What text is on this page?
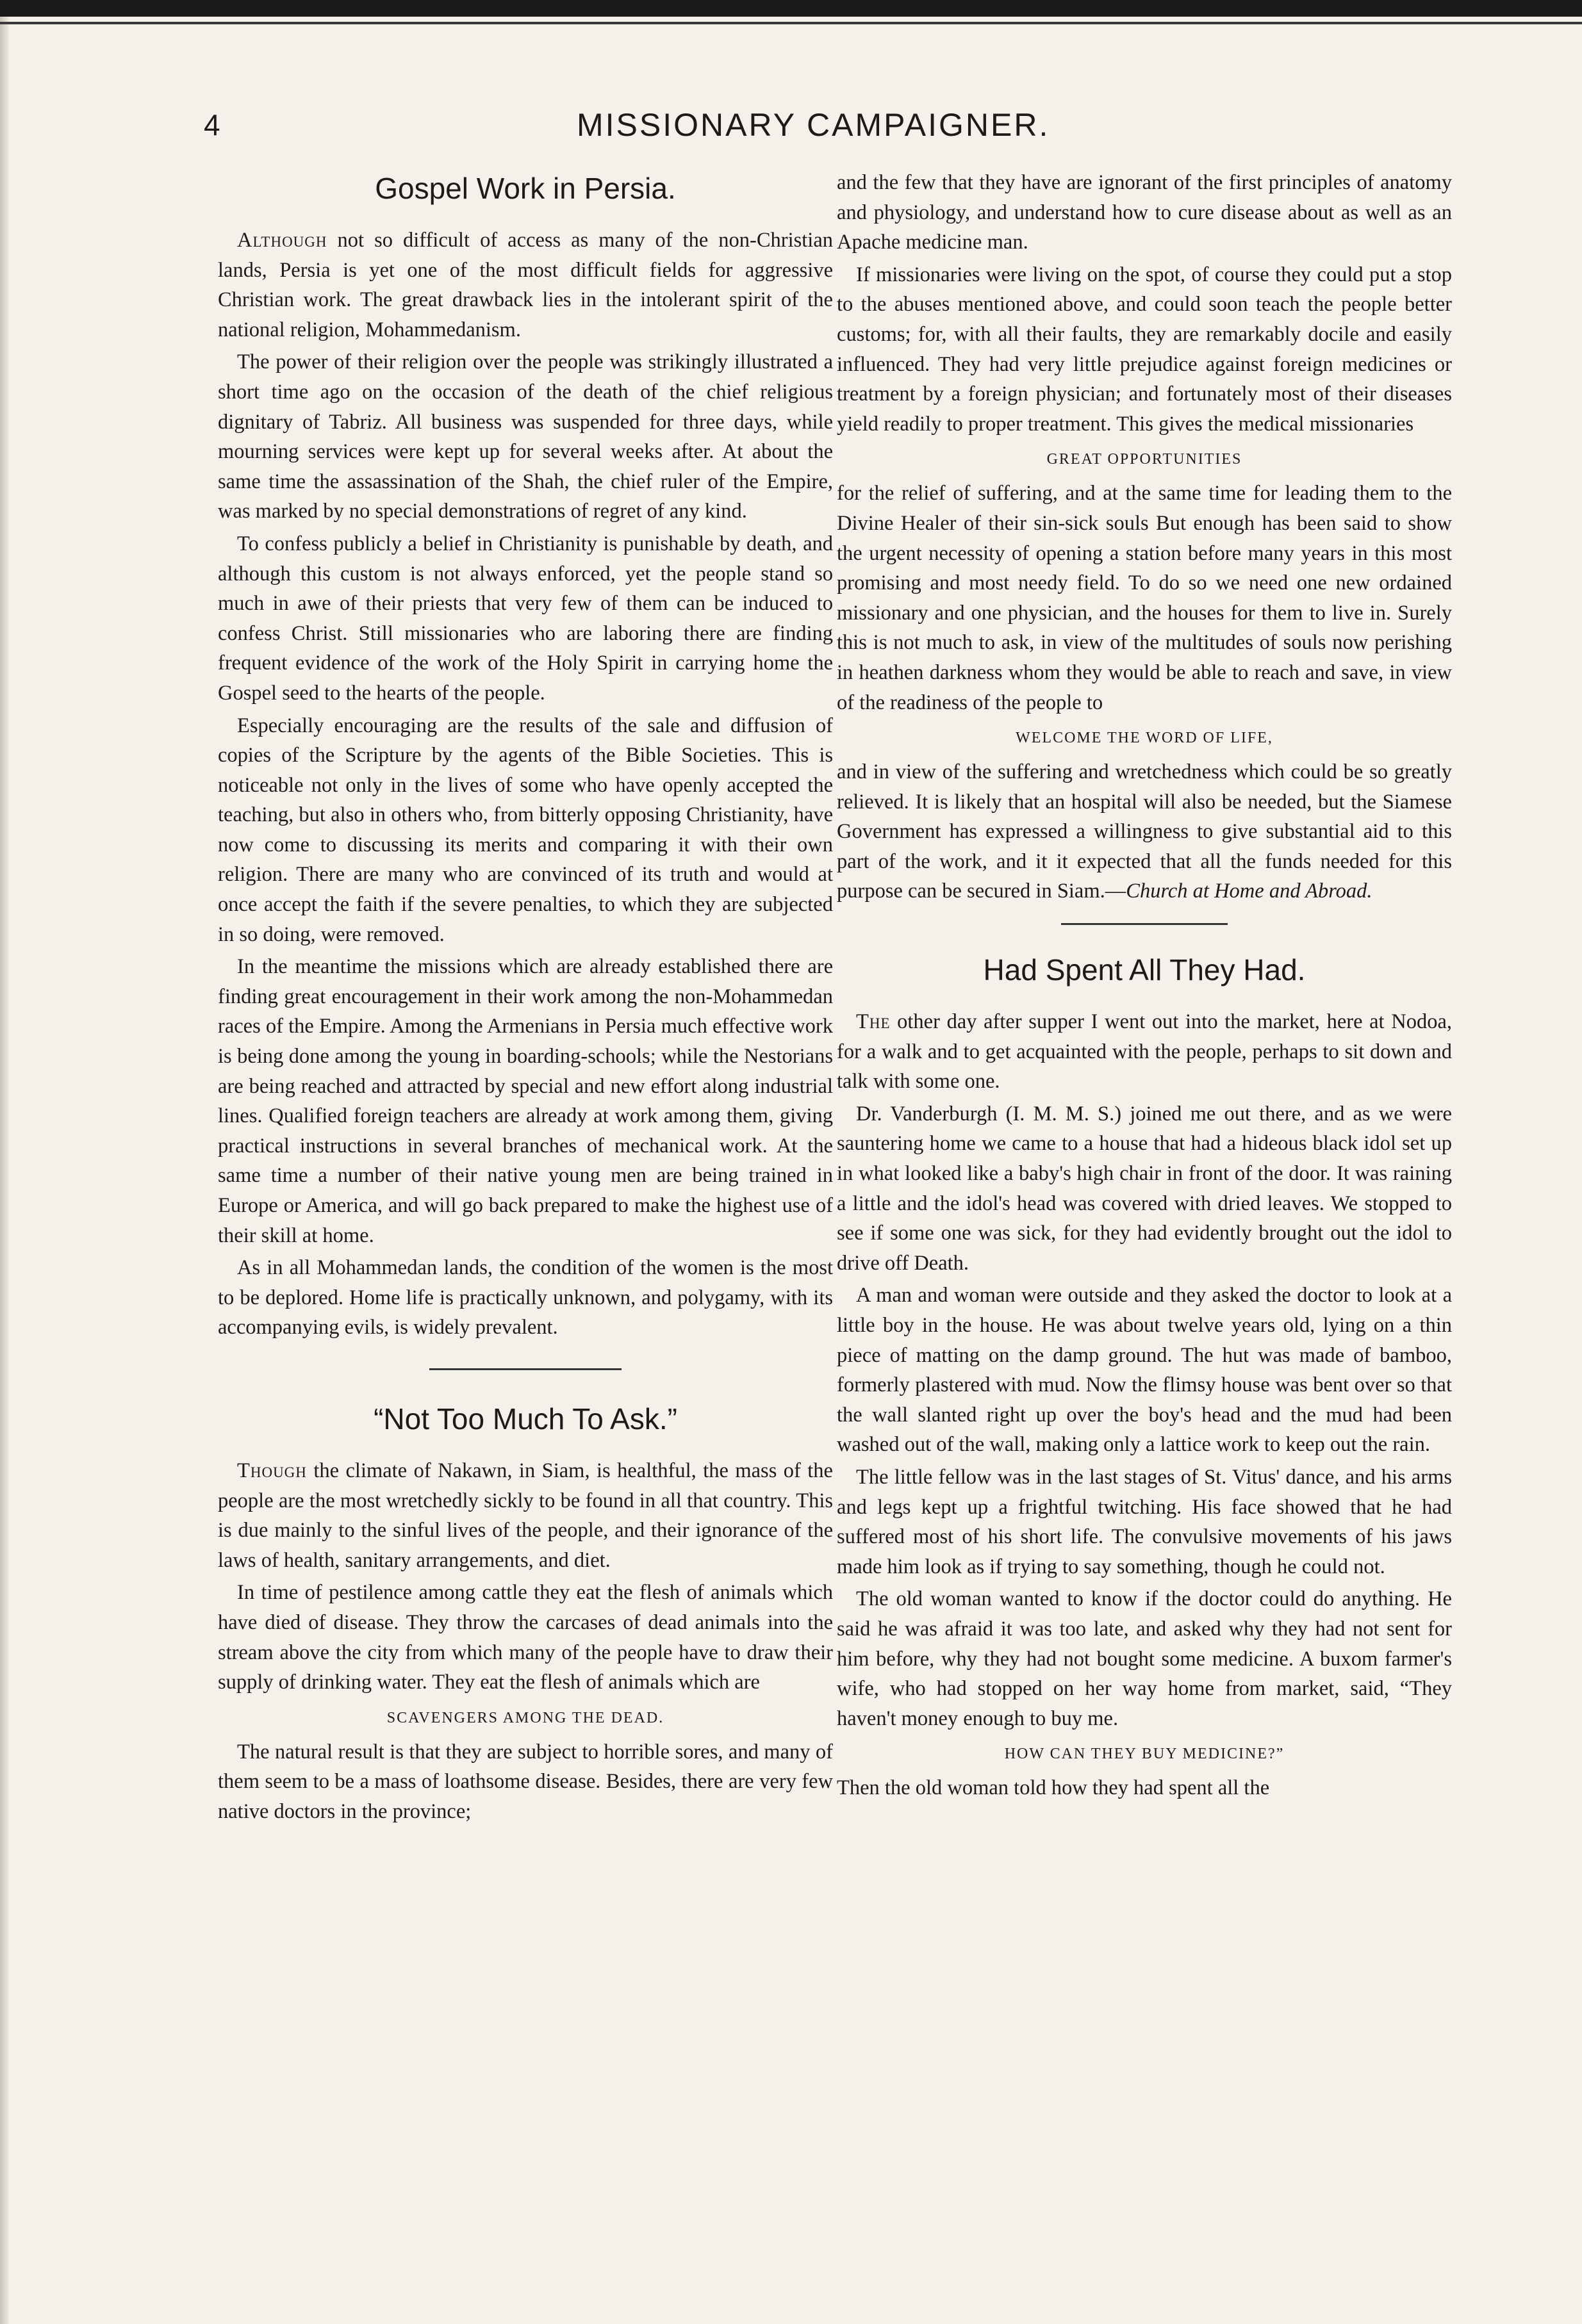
4	MISSIONARY CAMPAIGNER.
Gospel Work in Persia.

Although not so difficult of access as many of the non-Christian lands, Persia is yet one of the most difficult fields for aggressive Christian work. The great drawback lies in the intolerant spirit of the national religion, Mohammedanism.

The power of their religion over the people was strikingly illustrated a short time ago on the occasion of the death of the chief religious dignitary of Tabriz. All business was suspended for three days, while mourning services were kept up for several weeks after. At about the same time the assassination of the Shah, the chief ruler of the Empire, was marked by no special demonstrations of regret of any kind.

To confess publicly a belief in Christianity is punishable by death, and although this custom is not always enforced, yet the people stand so much in awe of their priests that very few of them can be induced to confess Christ. Still missionaries who are laboring there are finding frequent evidence of the work of the Holy Spirit in carrying home the Gospel seed to the hearts of the people.

Especially encouraging are the results of the sale and diffusion of copies of the Scripture by the agents of the Bible Societies. This is noticeable not only in the lives of some who have openly accepted the teaching, but also in others who, from bitterly opposing Christianity, have now come to discussing its merits and comparing it with their own religion. There are many who are convinced of its truth and would at once accept the faith if the severe penalties, to which they are subjected in so doing, were removed.

In the meantime the missions which are already established there are finding great encouragement in their work among the non-Mohammedan races of the Empire. Among the Armenians in Persia much effective work is being done among the young in boarding-schools; while the Nestorians are being reached and attracted by special and new effort along industrial lines. Qualified foreign teachers are already at work among them, giving practical instructions in several branches of mechanical work. At the same time a number of their native young men are being trained in Europe or America, and will go back prepared to make the highest use of their skill at home.

As in all Mohammedan lands, the condition of the women is the most to be deplored. Home life is practically unknown, and polygamy, with its accompanying evils, is widely prevalent.

“Not Too Much To Ask.”

Though the climate of Nakawn, in Siam, is healthful, the mass of the people are the most wretchedly sickly to be found in all that country. This is due mainly to the sinful lives of the people, and their ignorance of the laws of health, sanitary arrangements, and diet.

In time of pestilence among cattle they eat the flesh of animals which have died of disease. They throw the carcases of dead animals into the stream above the city from which many of the people have to draw their supply of drinking water. They eat the flesh of animals which are

SCAVENGERS AMONG THE DEAD.

The natural result is that they are subject to horrible sores, and many of them seem to be a mass of loathsome disease. Besides, there are very few native doctors in the province;

and the few that they have are ignorant of the first principles of anatomy and physiology, and understand how to cure disease about as well as an Apache medicine man.

If missionaries were living on the spot, of course they could put a stop to the abuses mentioned above, and could soon teach the people better customs; for, with all their faults, they are remarkably docile and easily influenced. They had very little prejudice against foreign medicines or treatment by a foreign physician; and fortunately most of their diseases yield readily to proper treatment. This gives the medical missionaries

GREAT OPPORTUNITIES

for the relief of suffering, and at the same time for leading them to the Divine Healer of their sin-sick souls But enough has been said to show the urgent necessity of opening a station before many years in this most promising and most needy field. To do so we need one new ordained missionary and one physician, and the houses for them to live in. Surely this is not much to ask, in view of the multitudes of souls now perishing in heathen darkness whom they would be able to reach and save, in view of the readiness of the people to

WELCOME THE WORD OF LIFE,

and in view of the suffering and wretchedness which could be so greatly relieved. It is likely that an hospital will also be needed, but the Siamese Government has expressed a willingness to give substantial aid to this part of the work, and it it expected that all the funds needed for this purpose can be secured in Siam.—Church at Home and Abroad.

Had Spent All They Had.

The other day after supper I went out into the market, here at Nodoa, for a walk and to get acquainted with the people, perhaps to sit down and talk with some one.

Dr. Vanderburgh (I. M. M. S.) joined me out there, and as we were sauntering home we came to a house that had a hideous black idol set up in what looked like a baby's high chair in front of the door. It was raining a little and the idol's head was covered with dried leaves. We stopped to see if some one was sick, for they had evidently brought out the idol to drive off Death.

A man and woman were outside and they asked the doctor to look at a little boy in the house. He was about twelve years old, lying on a thin piece of matting on the damp ground. The hut was made of bamboo, formerly plastered with mud. Now the flimsy house was bent over so that the wall slanted right up over the boy's head and the mud had been washed out of the wall, making only a lattice work to keep out the rain.

The little fellow was in the last stages of St. Vitus' dance, and his arms and legs kept up a frightful twitching. His face showed that he had suffered most of his short life. The convulsive movements of his jaws made him look as if trying to say something, though he could not.

The old woman wanted to know if the doctor could do anything. He said he was afraid it was too late, and asked why they had not sent for him before, why they had not bought some medicine. A buxom farmer's wife, who had stopped on her way home from market, said, “They haven't money enough to buy me.

HOW CAN THEY BUY MEDICINE?”

Then the old woman told how they had spent all the
